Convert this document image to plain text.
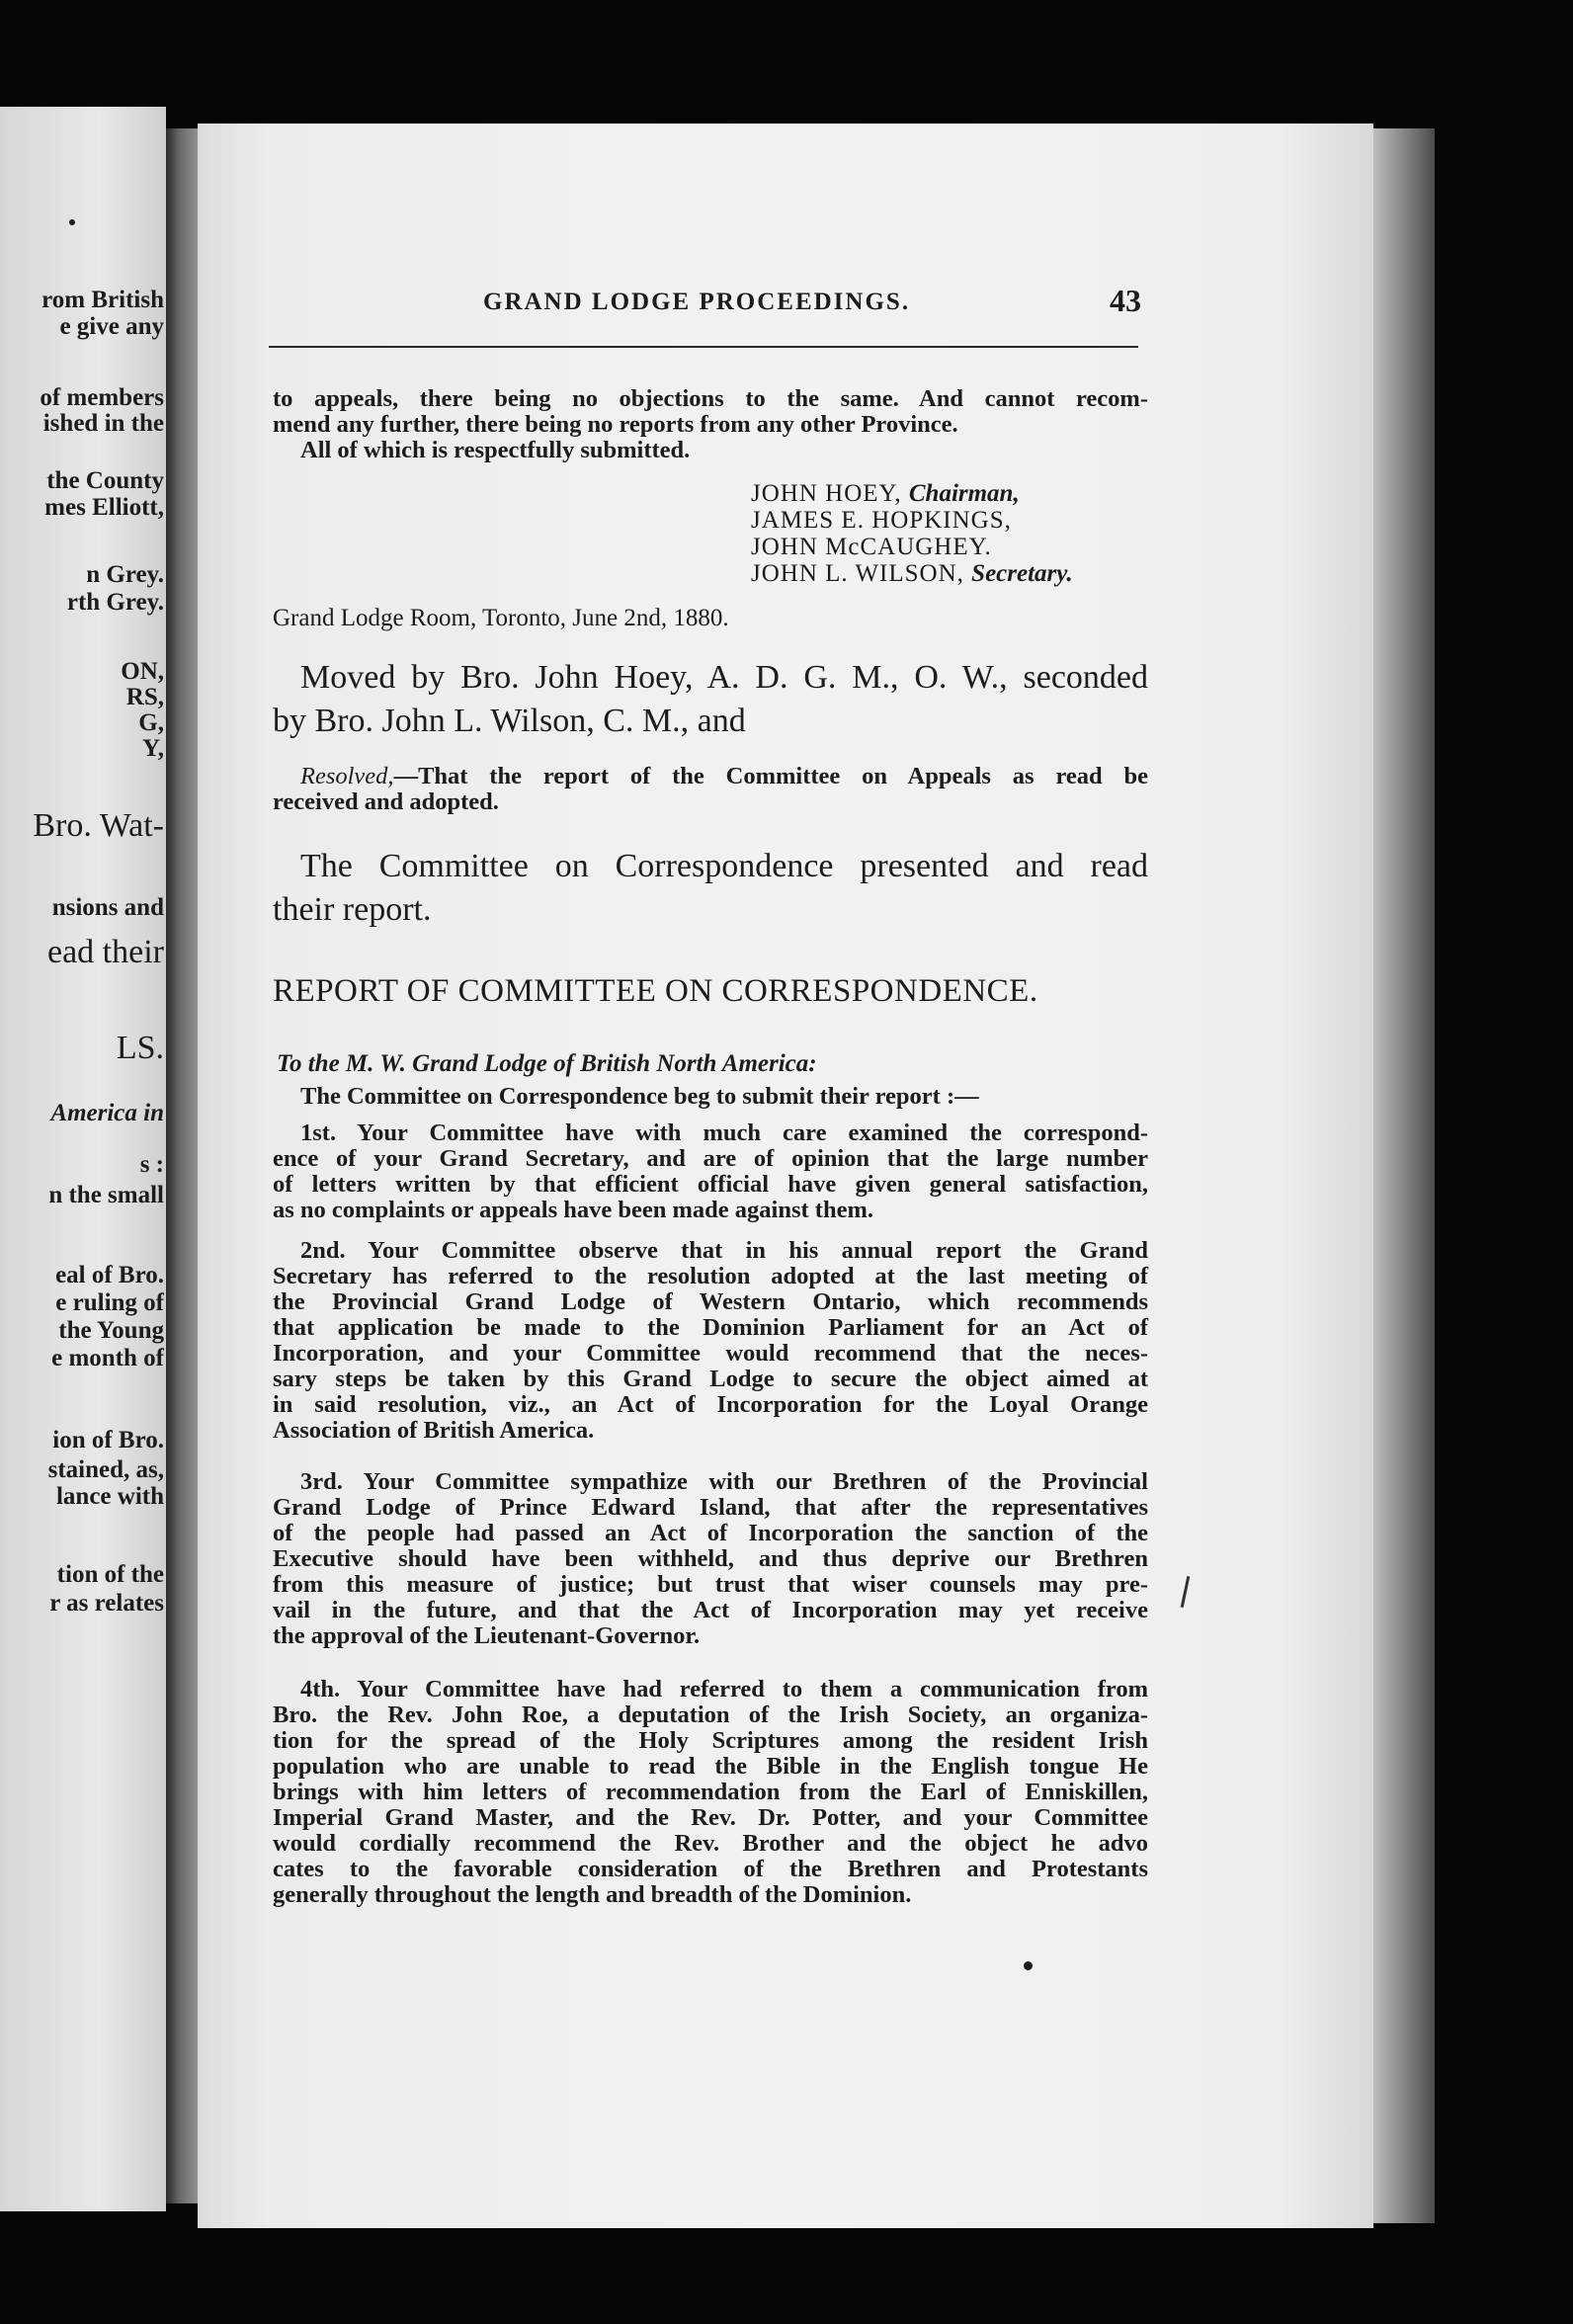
rom British
e give any
of members
ished in the
the County
mes Elliott,
n Grey.
rth Grey.
ON,
RS,
G,
Y,
Bro. Wat-
nsions and
ead their
LS.
America in
s :
n the small
eal of Bro.
e ruling of
the Young
e month of
ion of Bro.
stained, as,
lance with
tion of the
r as relates
GRAND LODGE PROCEEDINGS.	43
to appeals, there being no objections to the same. And cannot recom-
mend any further, there being no reports from any other Province.
All of which is respectfully submitted.
JOHN HOEY, Chairman,
JAMES E. HOPKINGS,
JOHN McCAUGHEY.
JOHN L. WILSON, Secretary.
Grand Lodge Room, Toronto, June 2nd, 1880.
Moved by Bro. John Hoey, A. D. G. M., O. W., seconded
by Bro. John L. Wilson, C. M., and
Resolved,—That the report of the Committee on Appeals as read be
received and adopted.
The Committee on Correspondence presented and read
their report.
REPORT OF COMMITTEE ON CORRESPONDENCE.
To the M. W. Grand Lodge of British North America:
The Committee on Correspondence beg to submit their report :—
1st. Your Committee have with much care examined the correspond-
ence of your Grand Secretary, and are of opinion that the large number
of letters written by that efficient official have given general satisfaction,
as no complaints or appeals have been made against them.
2nd. Your Committee observe that in his annual report the Grand
Secretary has referred to the resolution adopted at the last meeting of
the Provincial Grand Lodge of Western Ontario, which recommends
that application be made to the Dominion Parliament for an Act of
Incorporation, and your Committee would recommend that the neces-
sary steps be taken by this Grand Lodge to secure the object aimed at
in said resolution, viz., an Act of Incorporation for the Loyal Orange
Association of British America.
3rd. Your Committee sympathize with our Brethren of the Provincial
Grand Lodge of Prince Edward Island, that after the representatives
of the people had passed an Act of Incorporation the sanction of the
Executive should have been withheld, and thus deprive our Brethren
from this measure of justice; but trust that wiser counsels may pre-
vail in the future, and that the Act of Incorporation may yet receive
the approval of the Lieutenant-Governor.
4th. Your Committee have had referred to them a communication from
Bro. the Rev. John Roe, a deputation of the Irish Society, an organiza-
tion for the spread of the Holy Scriptures among the resident Irish
population who are unable to read the Bible in the English tongue He
brings with him letters of recommendation from the Earl of Enniskillen,
Imperial Grand Master, and the Rev. Dr. Potter, and your Committee
would cordially recommend the Rev. Brother and the object he advo
cates to the favorable consideration of the Brethren and Protestants
generally throughout the length and breadth of the Dominion.
